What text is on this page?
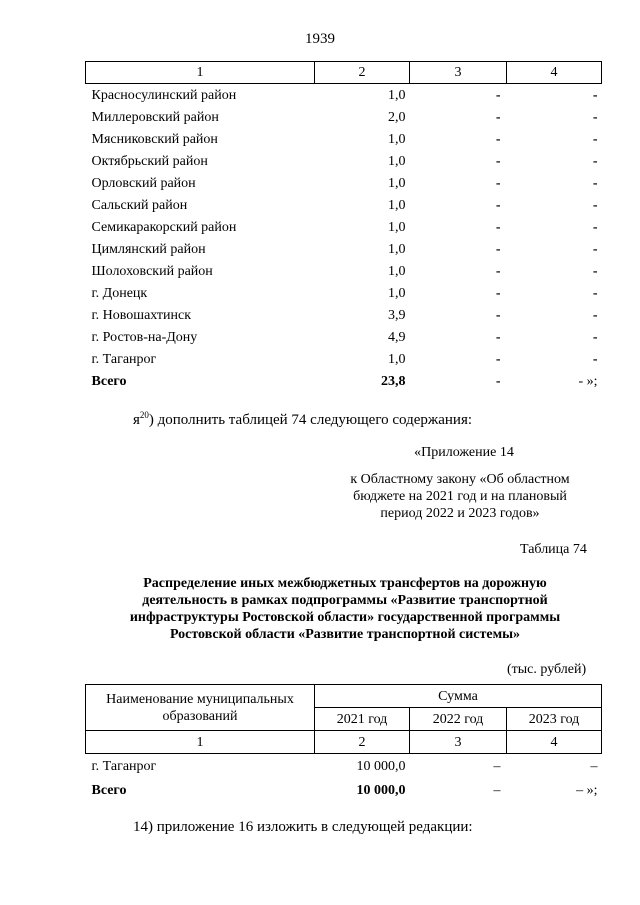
1939
1	2	3	4
Красносулинский район	1,0	-	-
Миллеровский район	2,0	-	-
Мясниковский район	1,0	-	-
Октябрьский район	1,0	-	-
Орловский район	1,0	-	-
Сальский район	1,0	-	-
Семикаракорский район	1,0	-	-
Цимлянский район	1,0	-	-
Шолоховский район	1,0	-	-
г. Донецк	1,0	-	-
г. Новошахтинск	3,9	-	-
г. Ростов-на-Дону	4,9	-	-
г. Таганрог	1,0	-	-
Всего	23,8	-	- »;
$я^{20}$) дополнить таблицей 74 следующего содержания:
«Приложение 14
к Областному закону «Об областном
бюджете на 2021 год и на плановый
период 2022 и 2023 годов»
Таблица 74
Распределение иных межбюджетных трансфертов на дорожную
деятельность в рамках подпрограммы «Развитие транспортной
инфраструктуры Ростовской области» государственной программы
Ростовской области «Развитие транспортной системы»
(тыс. рублей)
Наименование муниципальных
образований	Сумма		
	2021 год	2022 год	2023 год
1	2	3	4
г. Таганрог	10 000,0	–	–
Всего	10 000,0	–	– »;
14) приложение 16 изложить в следующей редакции:
